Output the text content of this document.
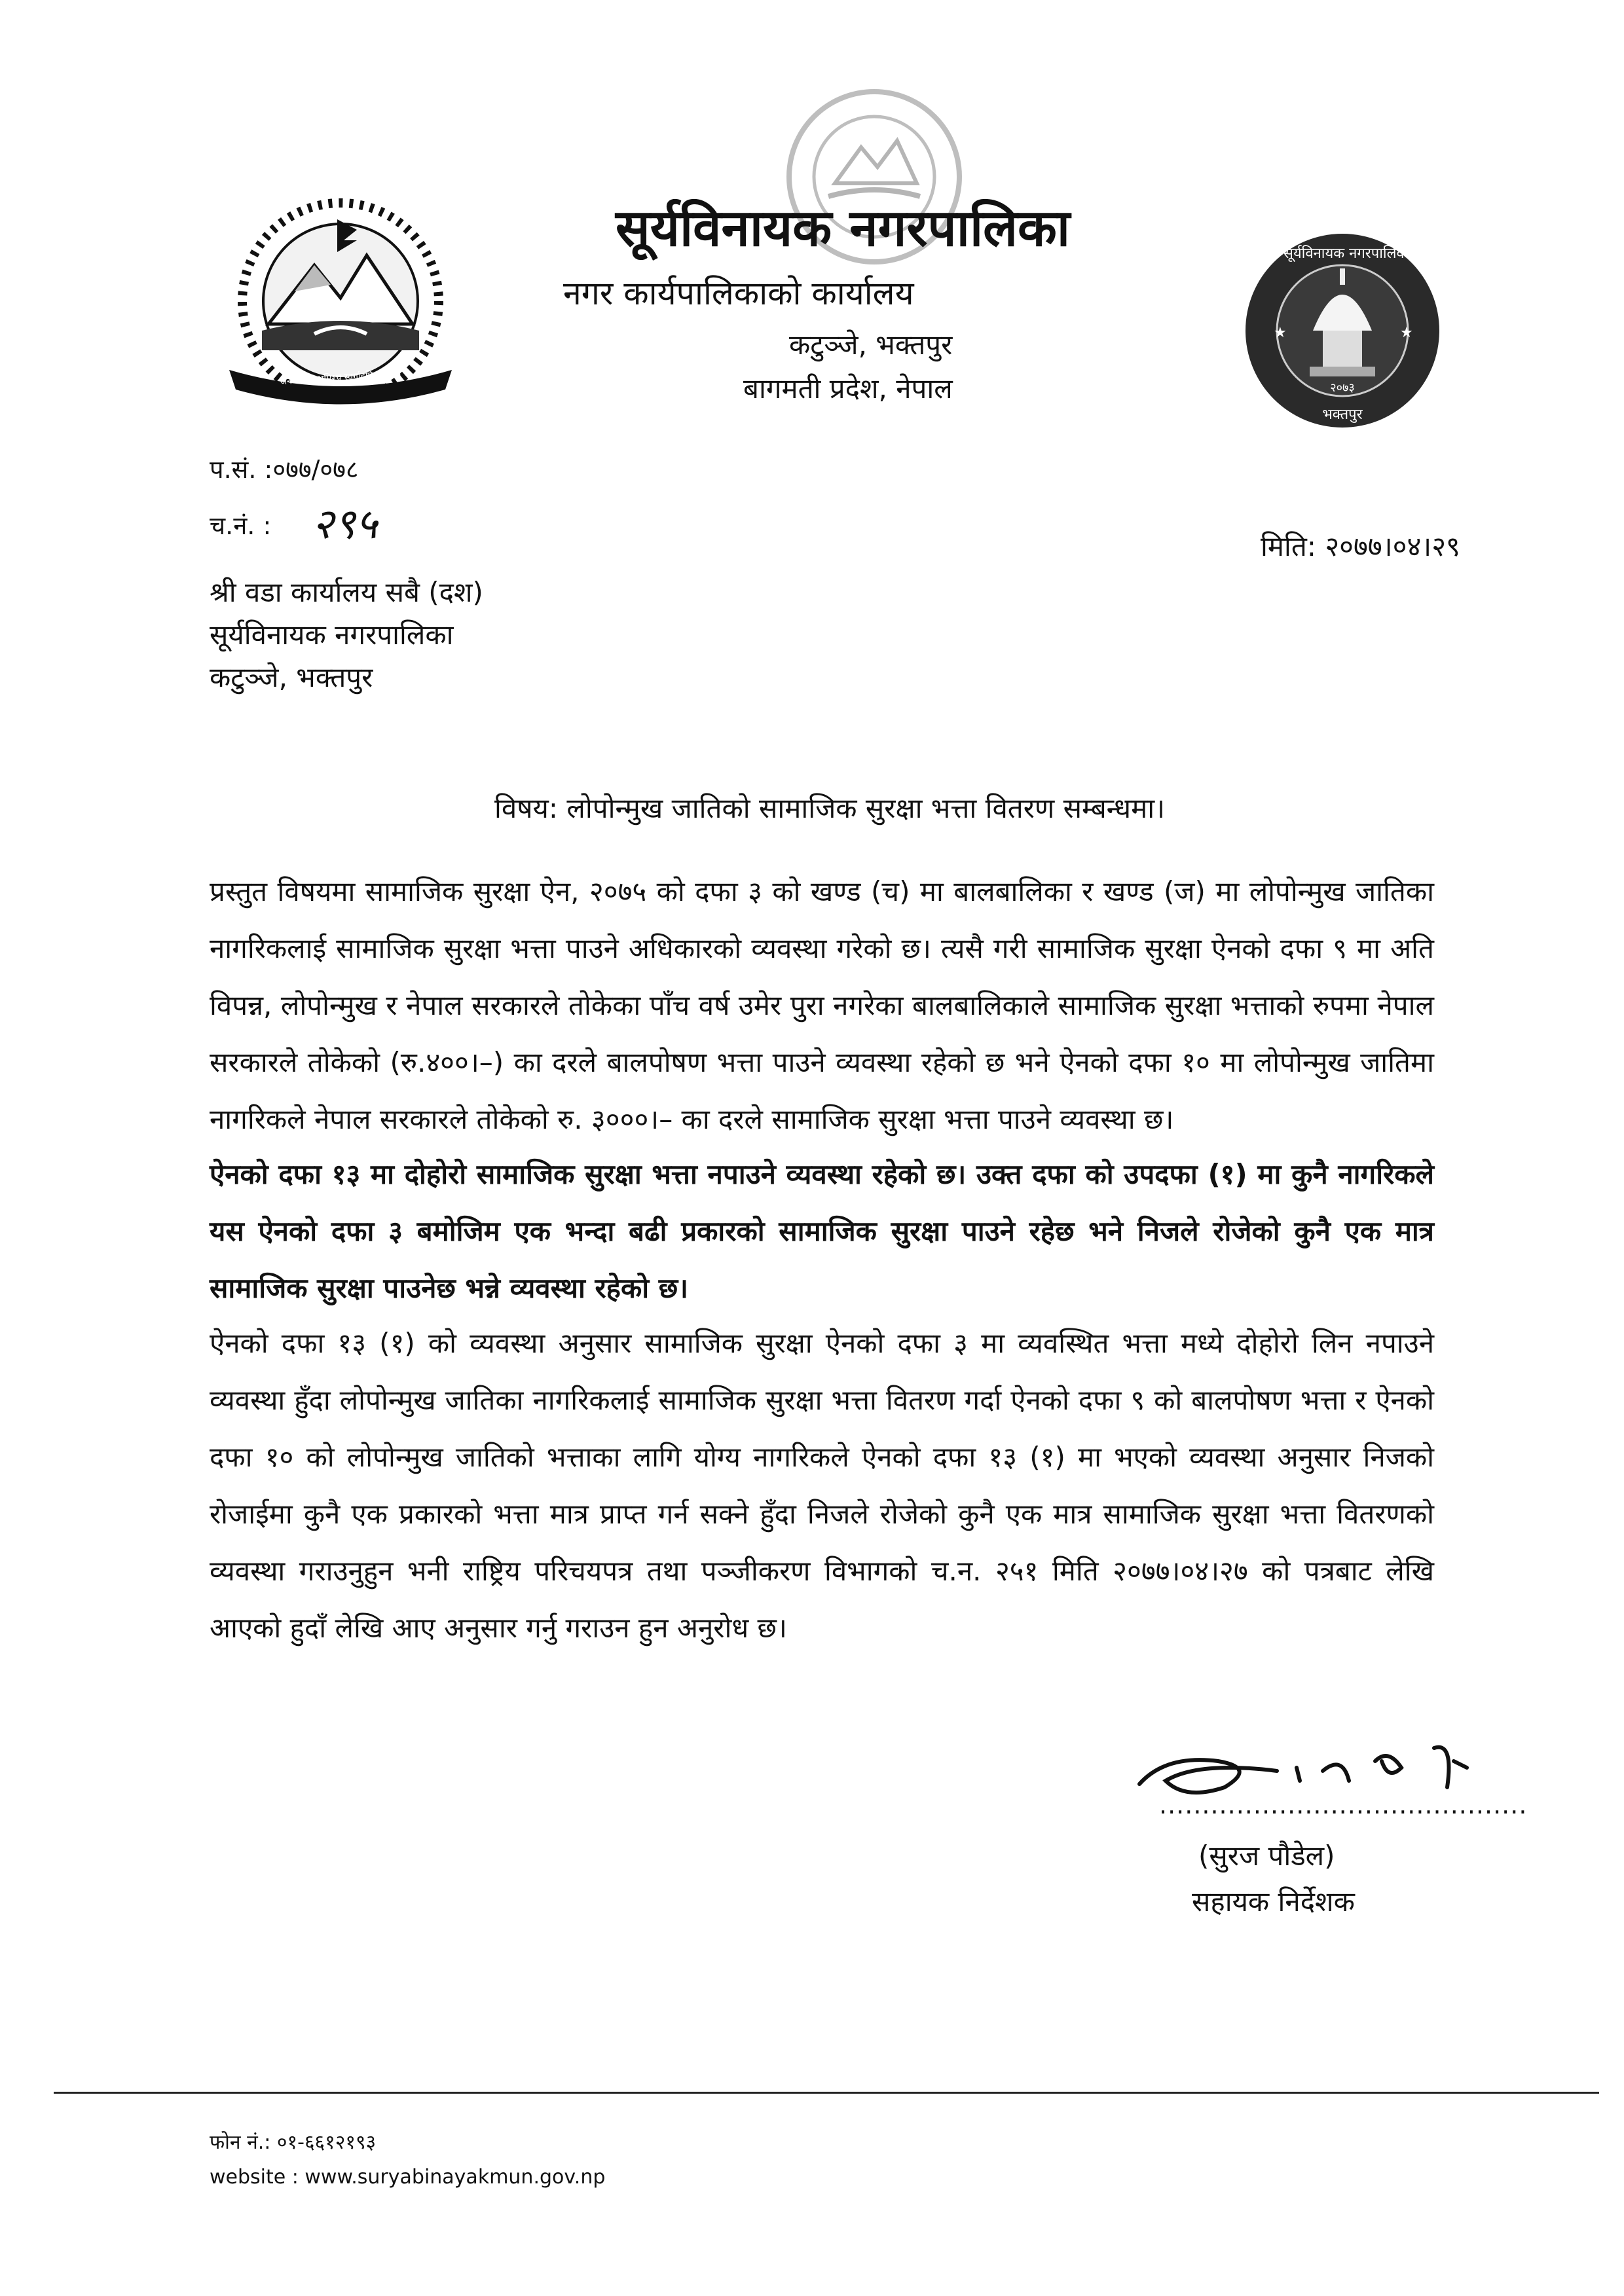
जननी जन्मभूमिश्च स्वर्गादपि गरीयसी
★	★
सूर्यविनायक नगरपालिका
२०७३
भक्तपुर
सूर्यविनायक नगरपालिका
नगर कार्यपालिकाको कार्यालय
कटुञ्जे, भक्तपुर
बागमती प्रदेश, नेपाल
प.सं. :०७७/०७८
च.नं. : २९५	मिति: २०७७।०४।२९
श्री वडा कार्यालय सबै (दश)
सूर्यविनायक नगरपालिका
कटुञ्जे, भक्तपुर
विषय: लोपोन्मुख जातिको सामाजिक सुरक्षा भत्ता वितरण सम्बन्धमा।

प्रस्तुत विषयमा सामाजिक सुरक्षा ऐन, २०७५ को दफा ३ को खण्ड (च) मा बालबालिका र खण्ड (ज) मा लोपोन्मुख जातिका नागरिकलाई सामाजिक सुरक्षा भत्ता पाउने अधिकारको व्यवस्था गरेको छ। त्यसै गरी सामाजिक सुरक्षा ऐनको दफा ९ मा अति विपन्न, लोपोन्मुख र नेपाल सरकारले तोकेका पाँच वर्ष उमेर पुरा नगरेका बालबालिकाले सामाजिक सुरक्षा भत्ताको रुपमा नेपाल सरकारले तोकेको (रु.४००।–) का दरले बालपोषण भत्ता पाउने व्यवस्था रहेको छ भने ऐनको दफा १० मा लोपोन्मुख जातिमा नागरिकले नेपाल सरकारले तोकेको रु. ३०००।– का दरले सामाजिक सुरक्षा भत्ता पाउने व्यवस्था छ।

ऐनको दफा १३ मा दोहोरो सामाजिक सुरक्षा भत्ता नपाउने व्यवस्था रहेको छ। उक्त दफा को उपदफा (१) मा कुनै नागरिकले यस ऐनको दफा ३ बमोजिम एक भन्दा बढी प्रकारको सामाजिक सुरक्षा पाउने रहेछ भने निजले रोजेको कुनै एक मात्र सामाजिक सुरक्षा पाउनेछ भन्ने व्यवस्था रहेको छ।

ऐनको दफा १३ (१) को व्यवस्था अनुसार सामाजिक सुरक्षा ऐनको दफा ३ मा व्यवस्थित भत्ता मध्ये दोहोरो लिन नपाउने व्यवस्था हुँदा लोपोन्मुख जातिका नागरिकलाई सामाजिक सुरक्षा भत्ता वितरण गर्दा ऐनको दफा ९ को बालपोषण भत्ता र ऐनको दफा १० को लोपोन्मुख जातिको भत्ताका लागि योग्य नागरिकले ऐनको दफा १३ (१) मा भएको व्यवस्था अनुसार निजको रोजाईमा कुनै एक प्रकारको भत्ता मात्र प्राप्त गर्न सक्ने हुँदा निजले रोजेको कुनै एक मात्र सामाजिक सुरक्षा भत्ता वितरणको व्यवस्था गराउनुहुन भनी राष्ट्रिय परिचयपत्र तथा पञ्जीकरण विभागको च.न. २५१ मिति २०७७।०४।२७ को पत्रबाट लेखि आएको हुदाँ लेखि आए अनुसार गर्नु गराउन हुन अनुरोध छ।

...........................................
(सुरज पौडेल)
सहायक निर्देशक
फोन नं.: ०१-६६१२१९३
website : www.suryabinayakmun.gov.np
